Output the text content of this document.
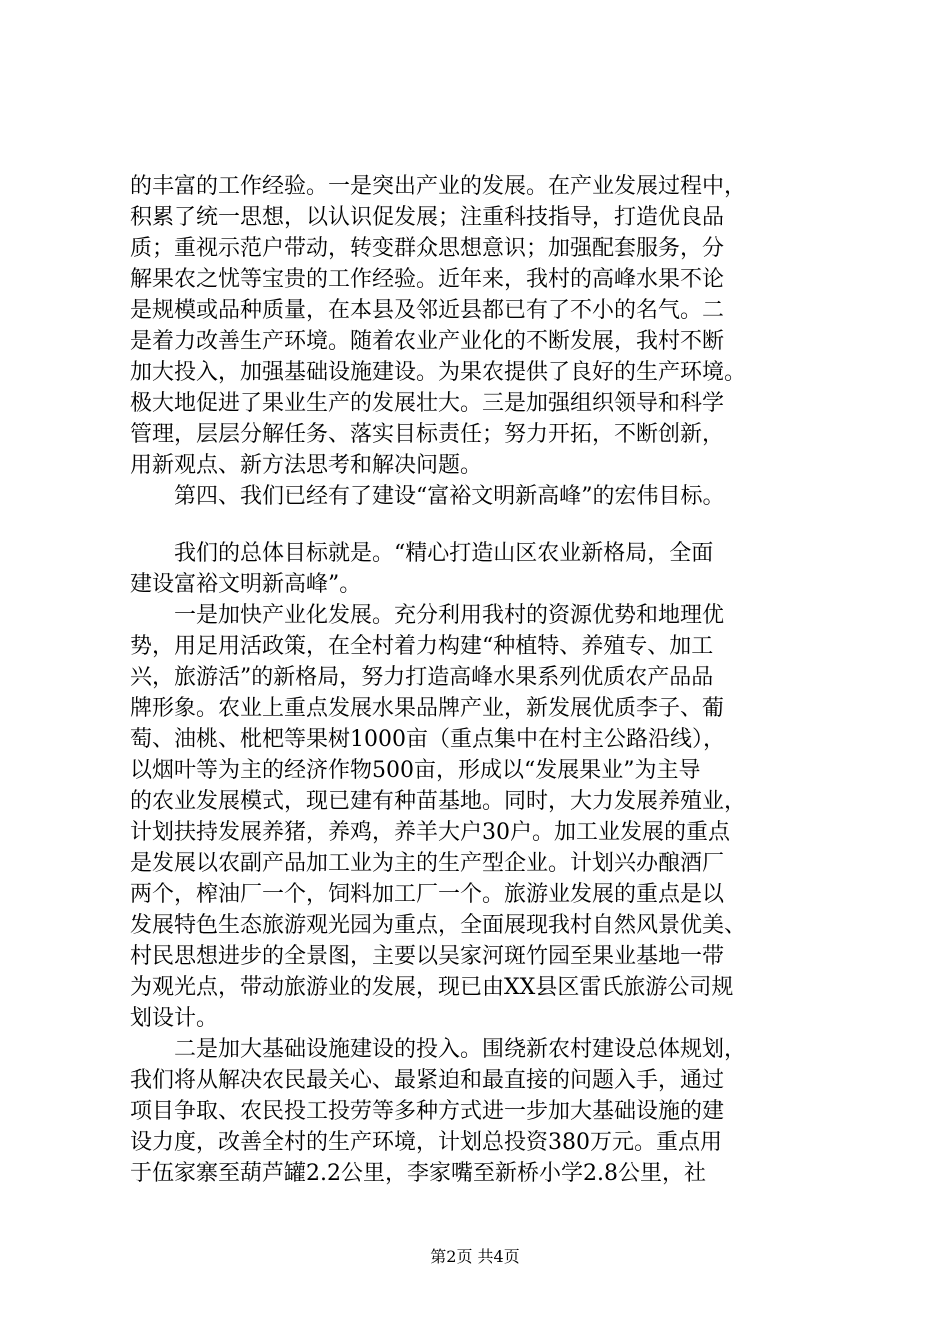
的丰富的工作经验。一是突出产业的发展。在产业发展过程中，
积累了统一思想，以认识促发展；注重科技指导，打造优良品
质；重视示范户带动，转变群众思想意识；加强配套服务，分
解果农之忧等宝贵的工作经验。近年来，我村的高峰水果不论
是规模或品种质量，在本县及邻近县都已有了不小的名气。二
是着力改善生产环境。随着农业产业化的不断发展，我村不断
加大投入，加强基础设施建设。为果农提供了良好的生产环境。
极大地促进了果业生产的发展壮大。三是加强组织领导和科学
管理，层层分解任务、落实目标责任；努力开拓，不断创新，
用新观点、新方法思考和解决问题。
　　第四、我们已经有了建设“富裕文明新高峰”的宏伟目标。
　　我们的总体目标就是。“精心打造山区农业新格局，全面
建设富裕文明新高峰”。
　　一是加快产业化发展。充分利用我村的资源优势和地理优
势，用足用活政策，在全村着力构建“种植特、养殖专、加工
兴，旅游活”的新格局，努力打造高峰水果系列优质农产品品
牌形象。农业上重点发展水果品牌产业，新发展优质李子、葡
萄、油桃、枇杷等果树1000亩（重点集中在村主公路沿线），
以烟叶等为主的经济作物500亩，形成以“发展果业”为主导
的农业发展模式，现已建有种苗基地。同时，大力发展养殖业，
计划扶持发展养猪，养鸡，养羊大户30户。加工业发展的重点
是发展以农副产品加工业为主的生产型企业。计划兴办酿酒厂
两个，榨油厂一个，饲料加工厂一个。旅游业发展的重点是以
发展特色生态旅游观光园为重点，全面展现我村自然风景优美、
村民思想进步的全景图，主要以吴家河斑竹园至果业基地一带
为观光点，带动旅游业的发展，现已由XX县区雷氏旅游公司规
划设计。
　　二是加大基础设施建设的投入。围绕新农村建设总体规划，
我们将从解决农民最关心、最紧迫和最直接的问题入手，通过
项目争取、农民投工投劳等多种方式进一步加大基础设施的建
设力度，改善全村的生产环境，计划总投资380万元。重点用
于伍家寨至葫芦罐2.2公里，李家嘴至新桥小学2.8公里，社
第2页 共4页
